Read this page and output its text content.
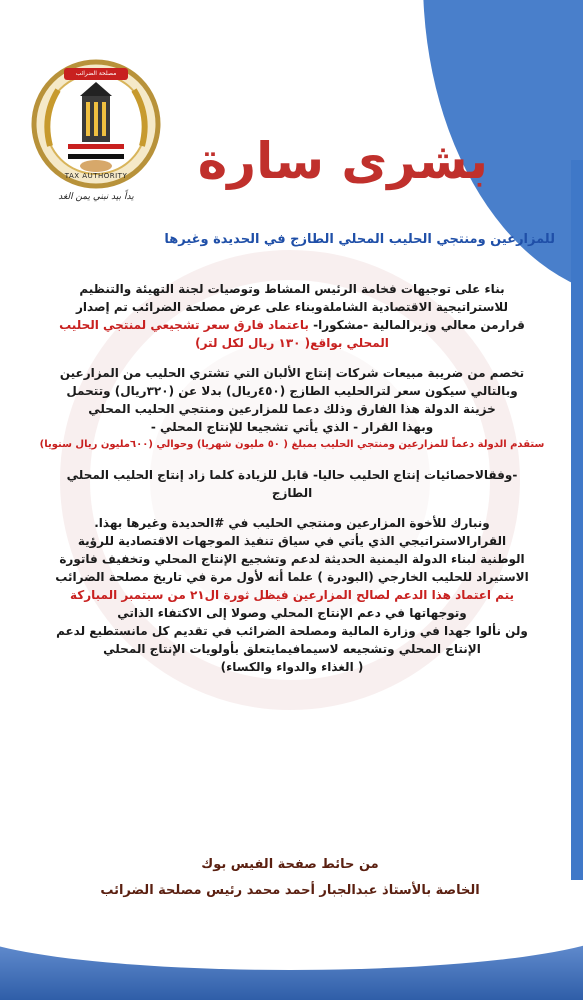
مصلحة الضرائب
TAX AUTHORITY
يداً بيد نبني يمن الغد
بشرى سارة
للمزارعين ومنتجي الحليب المحلي الطازج في الحديدة وغيرها

بناء على توجيهات فخامة الرئيس المشاط وتوصيات لجنة التهيئة والتنظيم

للاستراتيجية الاقتصادية الشاملةوبناء على عرض مصلحة الضرائب تم إصدار

قرارمن معالي وزيرالمالية -مشكورا- باعتماد فارق سعر تشجيعي لمنتجي الحليب

المحلي بواقع( ١٣٠ ريال لكل لتر)

تخصم من ضريبة مبيعات شركات إنتاج الألبان التي تشتري الحليب من المزارعين

وبالتالي سيكون سعر لترالحليب الطازج (٤٥٠ريال) بدلا عن (٣٢٠ريال) وتتحمل

خزينة الدولة هذا الفارق وذلك دعما للمزارعين ومنتجي الحليب المحلي

وبهذا القرار - الذي يأتي تشجيعا للإنتاج المحلي -

ستقدم الدولة دعماً للمزارعين ومنتجي الحليب بمبلغ ( ٥٠ مليون شهريا) وحوالي (٦٠٠مليون ريال سنويا)

-وفقالاحصائيات إنتاج الحليب حاليا- قابل للزيادة كلما زاد إنتاج الحليب المحلي

الطازج

ونبارك للأخوة المزارعين ومنتجي الحليب في #الحديدة وغيرها بهذا.

القرارالاستراتيجي الذي يأتي في سياق تنفيذ الموجهات الاقتصادية للرؤية

الوطنية لبناء الدولة اليمنية الحديثة لدعم وتشجيع الإنتاج المحلي وتخفيف فاتورة

الاستيراد للحليب الخارجي (البودرة ) علما أنه لأول مرة في تاريخ مصلحة الضرائب

يتم اعتماد هذا الدعم لصالح المزارعين فيظل ثورة ال٢١ من سبتمبر المباركة

وتوجهاتها في دعم الإنتاج المحلي وصولا إلى الاكتفاء الذاتي

ولن نألوا جهدا في وزارة المالية ومصلحة الضرائب في تقديم كل مانستطيع لدعم

الإنتاج المحلي وتشجيعه لاسيمافيمايتعلق بأولويات الإنتاج المحلي

( الغذاء والدواء والكساء)

من حائط صفحة الفيس بوك
الخاصة بالأستاذ عبدالجبار أحمد محمد رئيس مصلحة الضرائب
